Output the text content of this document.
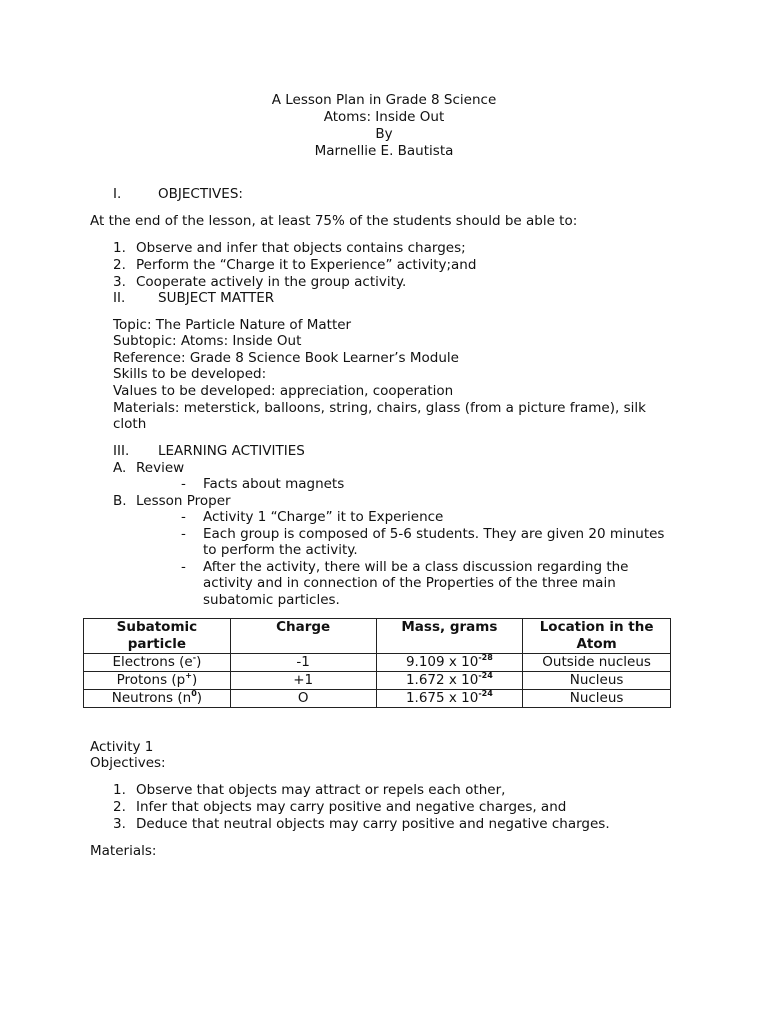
A Lesson Plan in Grade 8 Science
Atoms: Inside Out
By
Marnellie E. Bautista
I.	OBJECTIVES:
At the end of the lesson, at least 75% of the students should be able to:
1. Observe and infer that objects contains charges;
2. Perform the “Charge it to Experience” activity;and
3. Cooperate actively in the group activity.
II. SUBJECT MATTER
Topic: The Particle Nature of Matter
Subtopic: Atoms: Inside Out
Reference: Grade 8 Science Book Learner’s Module
Skills to be developed:
Values to be developed: appreciation, cooperation
Materials: meterstick, balloons, string, chairs, glass (from a picture frame), silk
cloth
III. LEARNING ACTIVITIES
A. Review
- Facts about magnets
B. Lesson Proper
- Activity 1 “Charge” it to Experience
- Each group is composed of 5-6 students. They are given 20 minutes
to perform the activity.
- After the activity, there will be a class discussion regarding the
activity and in connection of the Properties of the three main
subatomic particles.
Subatomic
particle	Charge	Mass, grams	Location in the
Atom
Electrons (e-)	-1	9.109 x $10^{-28}$	Outside nucleus
Protons (p+)	+1	1.672 x $10^{-24}$	Nucleus
Neutrons $(n^0)$	O	1.675 x $10^{-24}$	Nucleus
Activity 1
Objectives:
1. Observe that objects may attract or repels each other,
2. Infer that objects may carry positive and negative charges, and
3. Deduce that neutral objects may carry positive and negative charges.
Materials:
